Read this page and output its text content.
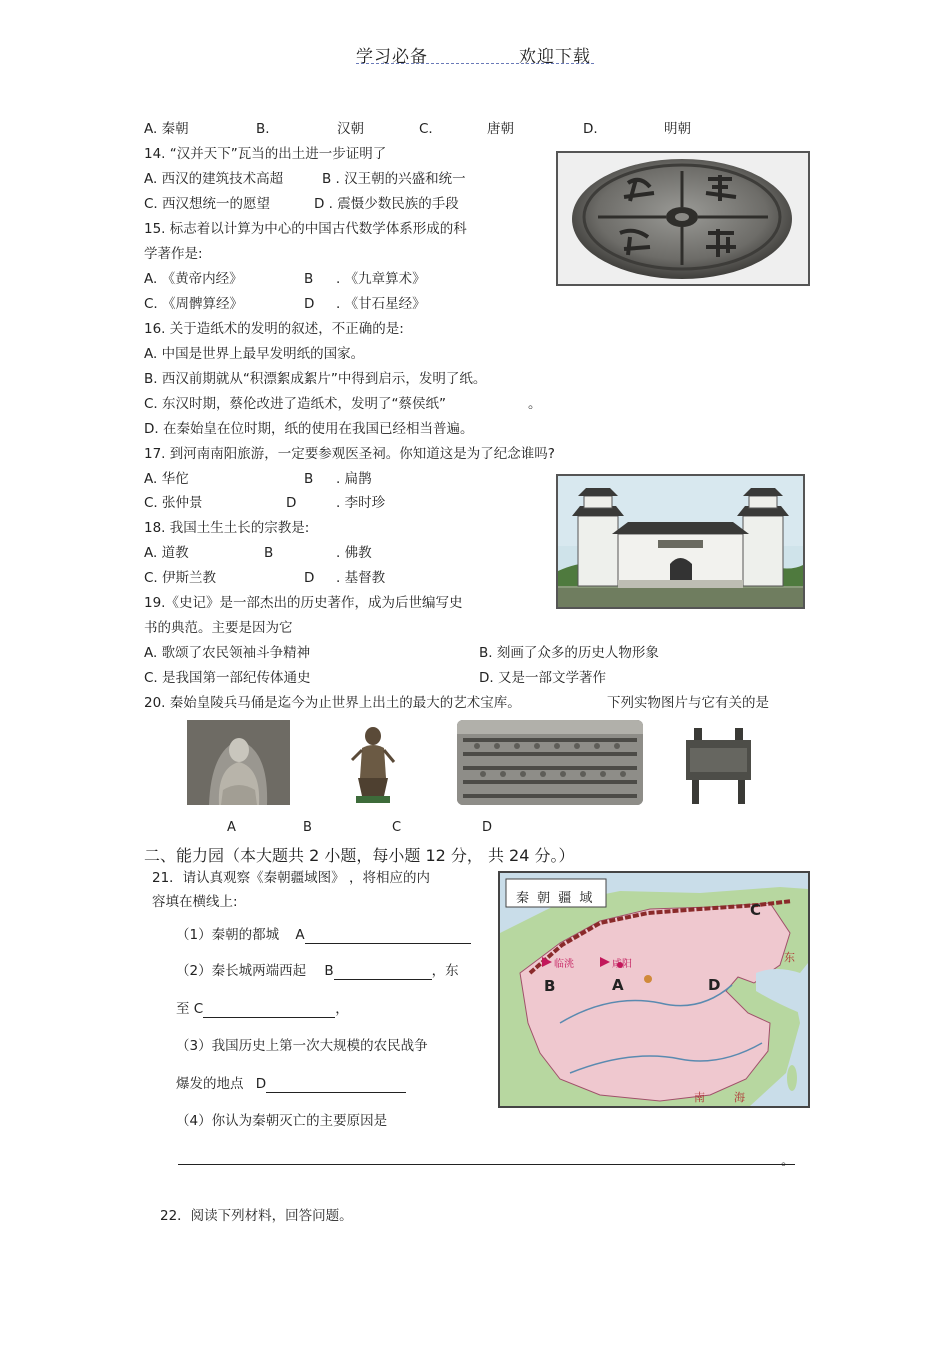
学习必备	欢迎下载
A. 秦朝	B.	汉朝	C.	唐朝	D.	明朝
14. “汉并天下”瓦当的出土进一步证明了
A. 西汉的建筑技术高超	B . 汉王朝的兴盛和统一
C. 西汉想统一的愿望	D . 震慑少数民族的手段
15. 标志着以计算为中心的中国古代数学体系形成的科
学著作是:
A. 《黄帝内经》	B . 《九章算术》
C. 《周髀算经》	D . 《甘石星经》
16. 关于造纸术的发明的叙述，不正确的是:
A. 中国是世界上最早发明纸的国家。
B. 西汉前期就从“积漂絮成絮片”中得到启示，发明了纸。
C. 东汉时期，蔡伦改进了造纸术，发明了“蔡侯纸”	。
D. 在秦始皇在位时期，纸的使用在我国已经相当普遍。
17. 到河南南阳旅游，一定要参观医圣祠。你知道这是为了纪念谁吗?
A. 华佗	B . 扁鹊
C. 张仲景	D	. 李时珍
18. 我国土生土长的宗教是:
A. 道教	B	. 佛教
C. 伊斯兰教	D . 基督教
19.《史记》是一部杰出的历史著作，成为后世编写史
书的典范。主要是因为它
A. 歌颂了农民领袖斗争精神	B. 刻画了众多的历史人物形象
C. 是我国第一部纪传体通史	D. 又是一部文学著作
20. 秦始皇陵兵马俑是迄今为止世界上出土的最大的艺术宝库。	下列实物图片与它有关的是
A	B	C	D
二、能力园（本大题共 2 小题，每小题 12 分， 共 24 分。）
21．请认真观察《秦朝疆域图》 ，将相应的内
容填在横线上:
（1）秦朝的都城 A
（2）秦长城两端西起 B	，东
至 C	，
（3）我国历史上第一次大规模的农民战争
爆发的地点 D
（4）你认为秦朝灭亡的主要原因是
。
秦 朝 疆 域
C
B	A	D
咸阳
临洮
东
南	海
22．阅读下列材料，回答问题。
